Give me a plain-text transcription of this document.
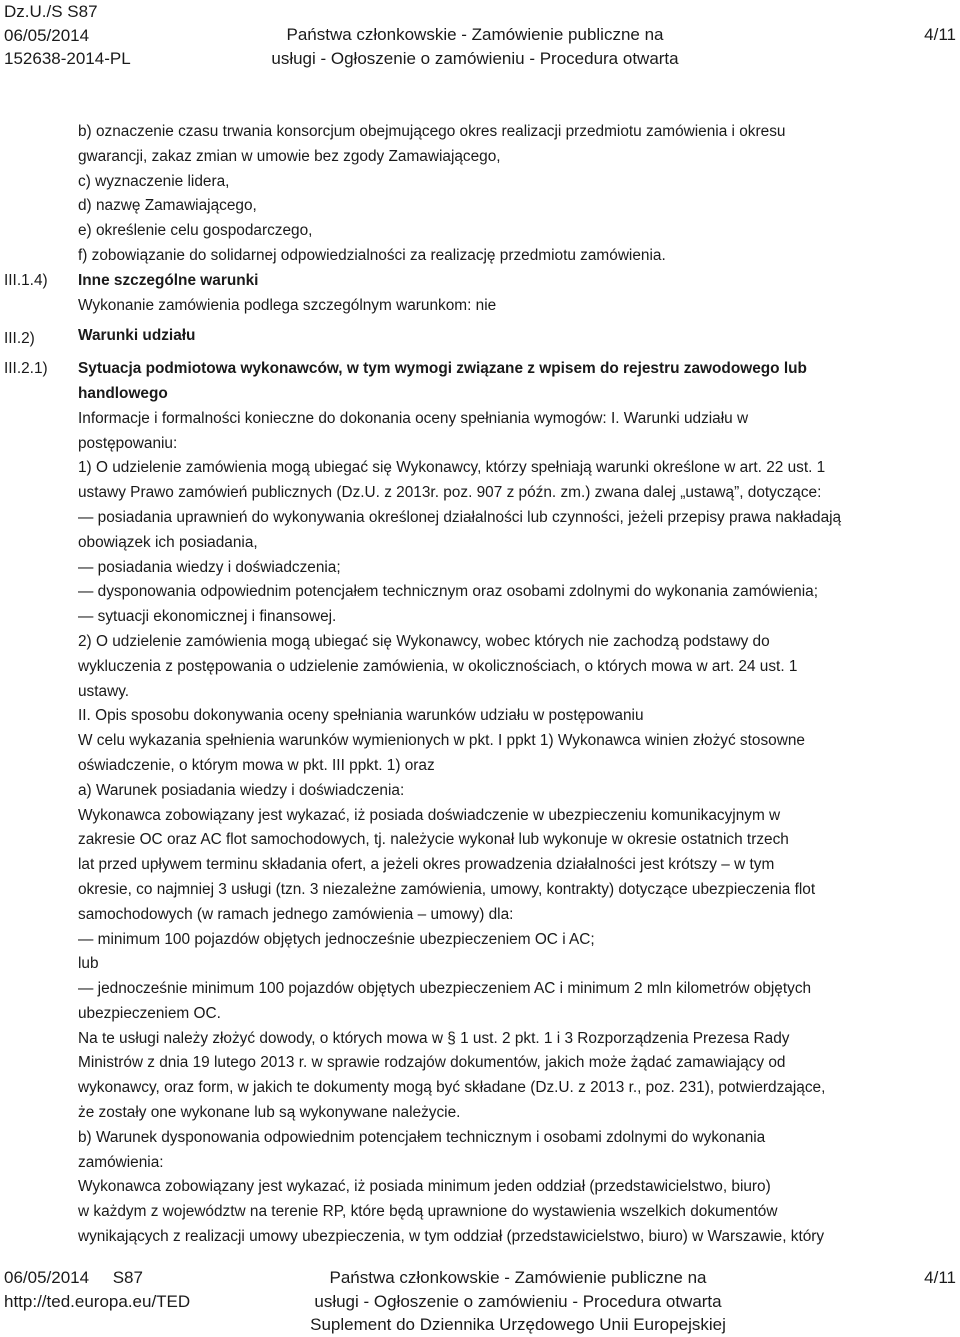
Dz.U./S S87
06/05/2014
152638-2014-PL
Państwa członkowskie - Zamówienie publiczne na
usługi - Ogłoszenie o zamówieniu - Procedura otwarta
4/11
III.1.4)
III.2)
III.2.1)

b) oznaczenie czasu trwania konsorcjum obejmującego okres realizacji przedmiotu zamówienia i okresu

gwarancji, zakaz zmian w umowie bez zgody Zamawiającego,

c) wyznaczenie lidera,

d) nazwę Zamawiającego,

e) określenie celu gospodarczego,

f) zobowiązanie do solidarnej odpowiedzialności za realizację przedmiotu zamówienia.

Inne szczególne warunki

Wykonanie zamówienia podlega szczególnym warunkom: nie

Warunki udziału

Sytuacja podmiotowa wykonawców, w tym wymogi związane z wpisem do rejestru zawodowego lub

handlowego

Informacje i formalności konieczne do dokonania oceny spełniania wymogów: I. Warunki udziału w

postępowaniu:

1) O udzielenie zamówienia mogą ubiegać się Wykonawcy, którzy spełniają warunki określone w art. 22 ust. 1

ustawy Prawo zamówień publicznych (Dz.U. z 2013r. poz. 907 z późn. zm.) zwana dalej „ustawą”, dotyczące:

— posiadania uprawnień do wykonywania określonej działalności lub czynności, jeżeli przepisy prawa nakładają

obowiązek ich posiadania,

— posiadania wiedzy i doświadczenia;

— dysponowania odpowiednim potencjałem technicznym oraz osobami zdolnymi do wykonania zamówienia;

— sytuacji ekonomicznej i finansowej.

2) O udzielenie zamówienia mogą ubiegać się Wykonawcy, wobec których nie zachodzą podstawy do

wykluczenia z postępowania o udzielenie zamówienia, w okolicznościach, o których mowa w art. 24 ust. 1

ustawy.

II. Opis sposobu dokonywania oceny spełniania warunków udziału w postępowaniu

W celu wykazania spełnienia warunków wymienionych w pkt. I ppkt 1) Wykonawca winien złożyć stosowne

oświadczenie, o którym mowa w pkt. III ppkt. 1) oraz

a) Warunek posiadania wiedzy i doświadczenia:

Wykonawca zobowiązany jest wykazać, iż posiada doświadczenie w ubezpieczeniu komunikacyjnym w

zakresie OC oraz AC flot samochodowych, tj. należycie wykonał lub wykonuje w okresie ostatnich trzech

lat przed upływem terminu składania ofert, a jeżeli okres prowadzenia działalności jest krótszy – w tym

okresie, co najmniej 3 usługi (tzn. 3 niezależne zamówienia, umowy, kontrakty) dotyczące ubezpieczenia flot

samochodowych (w ramach jednego zamówienia – umowy) dla:

— minimum 100 pojazdów objętych jednocześnie ubezpieczeniem OC i AC;

lub

— jednocześnie minimum 100 pojazdów objętych ubezpieczeniem AC i minimum 2 mln kilometrów objętych

ubezpieczeniem OC.

Na te usługi należy złożyć dowody, o których mowa w § 1 ust. 2 pkt. 1 i 3 Rozporządzenia Prezesa Rady

Ministrów z dnia 19 lutego 2013 r. w sprawie rodzajów dokumentów, jakich może żądać zamawiający od

wykonawcy, oraz form, w jakich te dokumenty mogą być składane (Dz.U. z 2013 r., poz. 231), potwierdzające,

że zostały one wykonane lub są wykonywane należycie.

b) Warunek dysponowania odpowiednim potencjałem technicznym i osobami zdolnymi do wykonania

zamówienia:

Wykonawca zobowiązany jest wykazać, iż posiada minimum jeden oddział (przedstawicielstwo, biuro)

w każdym z województw na terenie RP, które będą uprawnione do wystawienia wszelkich dokumentów

wynikających z realizacji umowy ubezpieczenia, w tym oddział (przedstawicielstwo, biuro) w Warszawie, który

06/05/2014     S87
http://ted.europa.eu/TED
Państwa członkowskie - Zamówienie publiczne na
usługi - Ogłoszenie o zamówieniu - Procedura otwarta
Suplement do Dziennika Urzędowego Unii Europejskiej
4/11
